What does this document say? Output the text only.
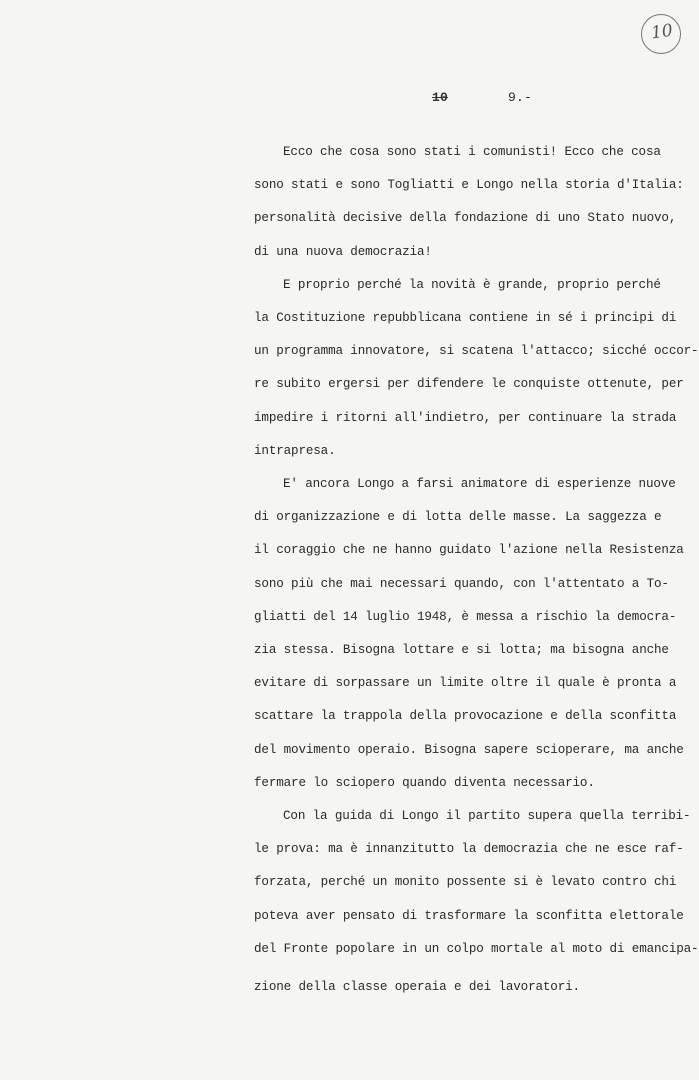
10
10	9.-
Ecco che cosa sono stati i comunisti! Ecco che cosa
sono stati e sono Togliatti e Longo nella storia d'Italia:
personalità decisive della fondazione di uno Stato nuovo,
di una nuova democrazia!
E proprio perché la novità è grande, proprio perché
la Costituzione repubblicana contiene in sé i principi di
un programma innovatore, si scatena l'attacco; sicché occor-
re subito ergersi per difendere le conquiste ottenute, per
impedire i ritorni all'indietro, per continuare la strada
intrapresa.
E' ancora Longo a farsi animatore di esperienze nuove
di organizzazione e di lotta delle masse. La saggezza e
il coraggio che ne hanno guidato l'azione nella Resistenza
sono più che mai necessari quando, con l'attentato a To-
gliatti del 14 luglio 1948, è messa a rischio la democra-
zia stessa. Bisogna lottare e si lotta; ma bisogna anche
evitare di sorpassare un limite oltre il quale è pronta a
scattare la trappola della provocazione e della sconfitta
del movimento operaio. Bisogna sapere scioperare, ma anche
fermare lo sciopero quando diventa necessario.
Con la guida di Longo il partito supera quella terribi-
le prova: ma è innanzitutto la democrazia che ne esce raf-
forzata, perché un monito possente si è levato contro chi
poteva aver pensato di trasformare la sconfitta elettorale
del Fronte popolare in un colpo mortale al moto di emancipa-
zione della classe operaia e dei lavoratori.
